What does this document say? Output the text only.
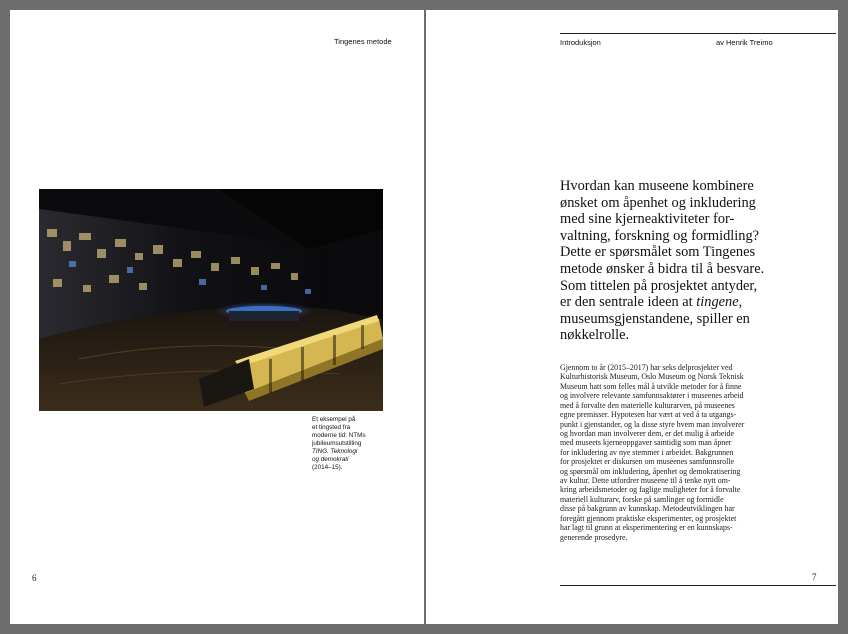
Tingenes metode
Et eksempel på
et tingsted fra
moderne tid: NTMs
jubileumsutstilling
TING. Teknologi
og demokrati
(2014–15).
6
Introduksjon	av Henrik Treimo
Hvordan kan museene kombinere
ønsket om åpenhet og inkludering
med sine kjerneaktiviteter for-
valtning, forskning og formidling?
Dette er spørsmålet som Tingenes
metode ønsker å bidra til å besvare.
Som tittelen på prosjektet antyder,
er den sentrale ideen at tingene,
museumsgjenstandene, spiller en
nøkkelrolle.
Gjennom to år (2015–2017) har seks delprosjekter ved
Kulturhistorisk Museum, Oslo Museum og Norsk Teknisk
Museum hatt som felles mål å utvikle metoder for å finne
og involvere relevante samfunnsaktører i museenes arbeid
med å forvalte den materielle kulturarven, på museenes
egne premisser. Hypotesen har vært at ved å ta utgangs-
punkt i gjenstander, og la disse styre hvem man involverer
og hvordan man involverer dem, er det mulig å arbeide
med museets kjerneoppgaver samtidig som man åpner
for inkludering av nye stemmer i arbeidet. Bakgrunnen
for prosjektet er diskursen om museenes samfunnsrolle
og spørsmål om inkludering, åpenhet og demokratisering
av kultur. Dette utfordrer museene til å tenke nytt om-
kring arbeidsmetoder og faglige muligheter for å forvalte
materiell kulturarv, forske på samlinger og formidle
disse på bakgrunn av kunnskap. Metodeutviklingen har
foregått gjennom praktiske eksperimenter, og prosjektet
har lagt til grunn at eksperimentering er en kunnskaps-
generende prosedyre.
7
